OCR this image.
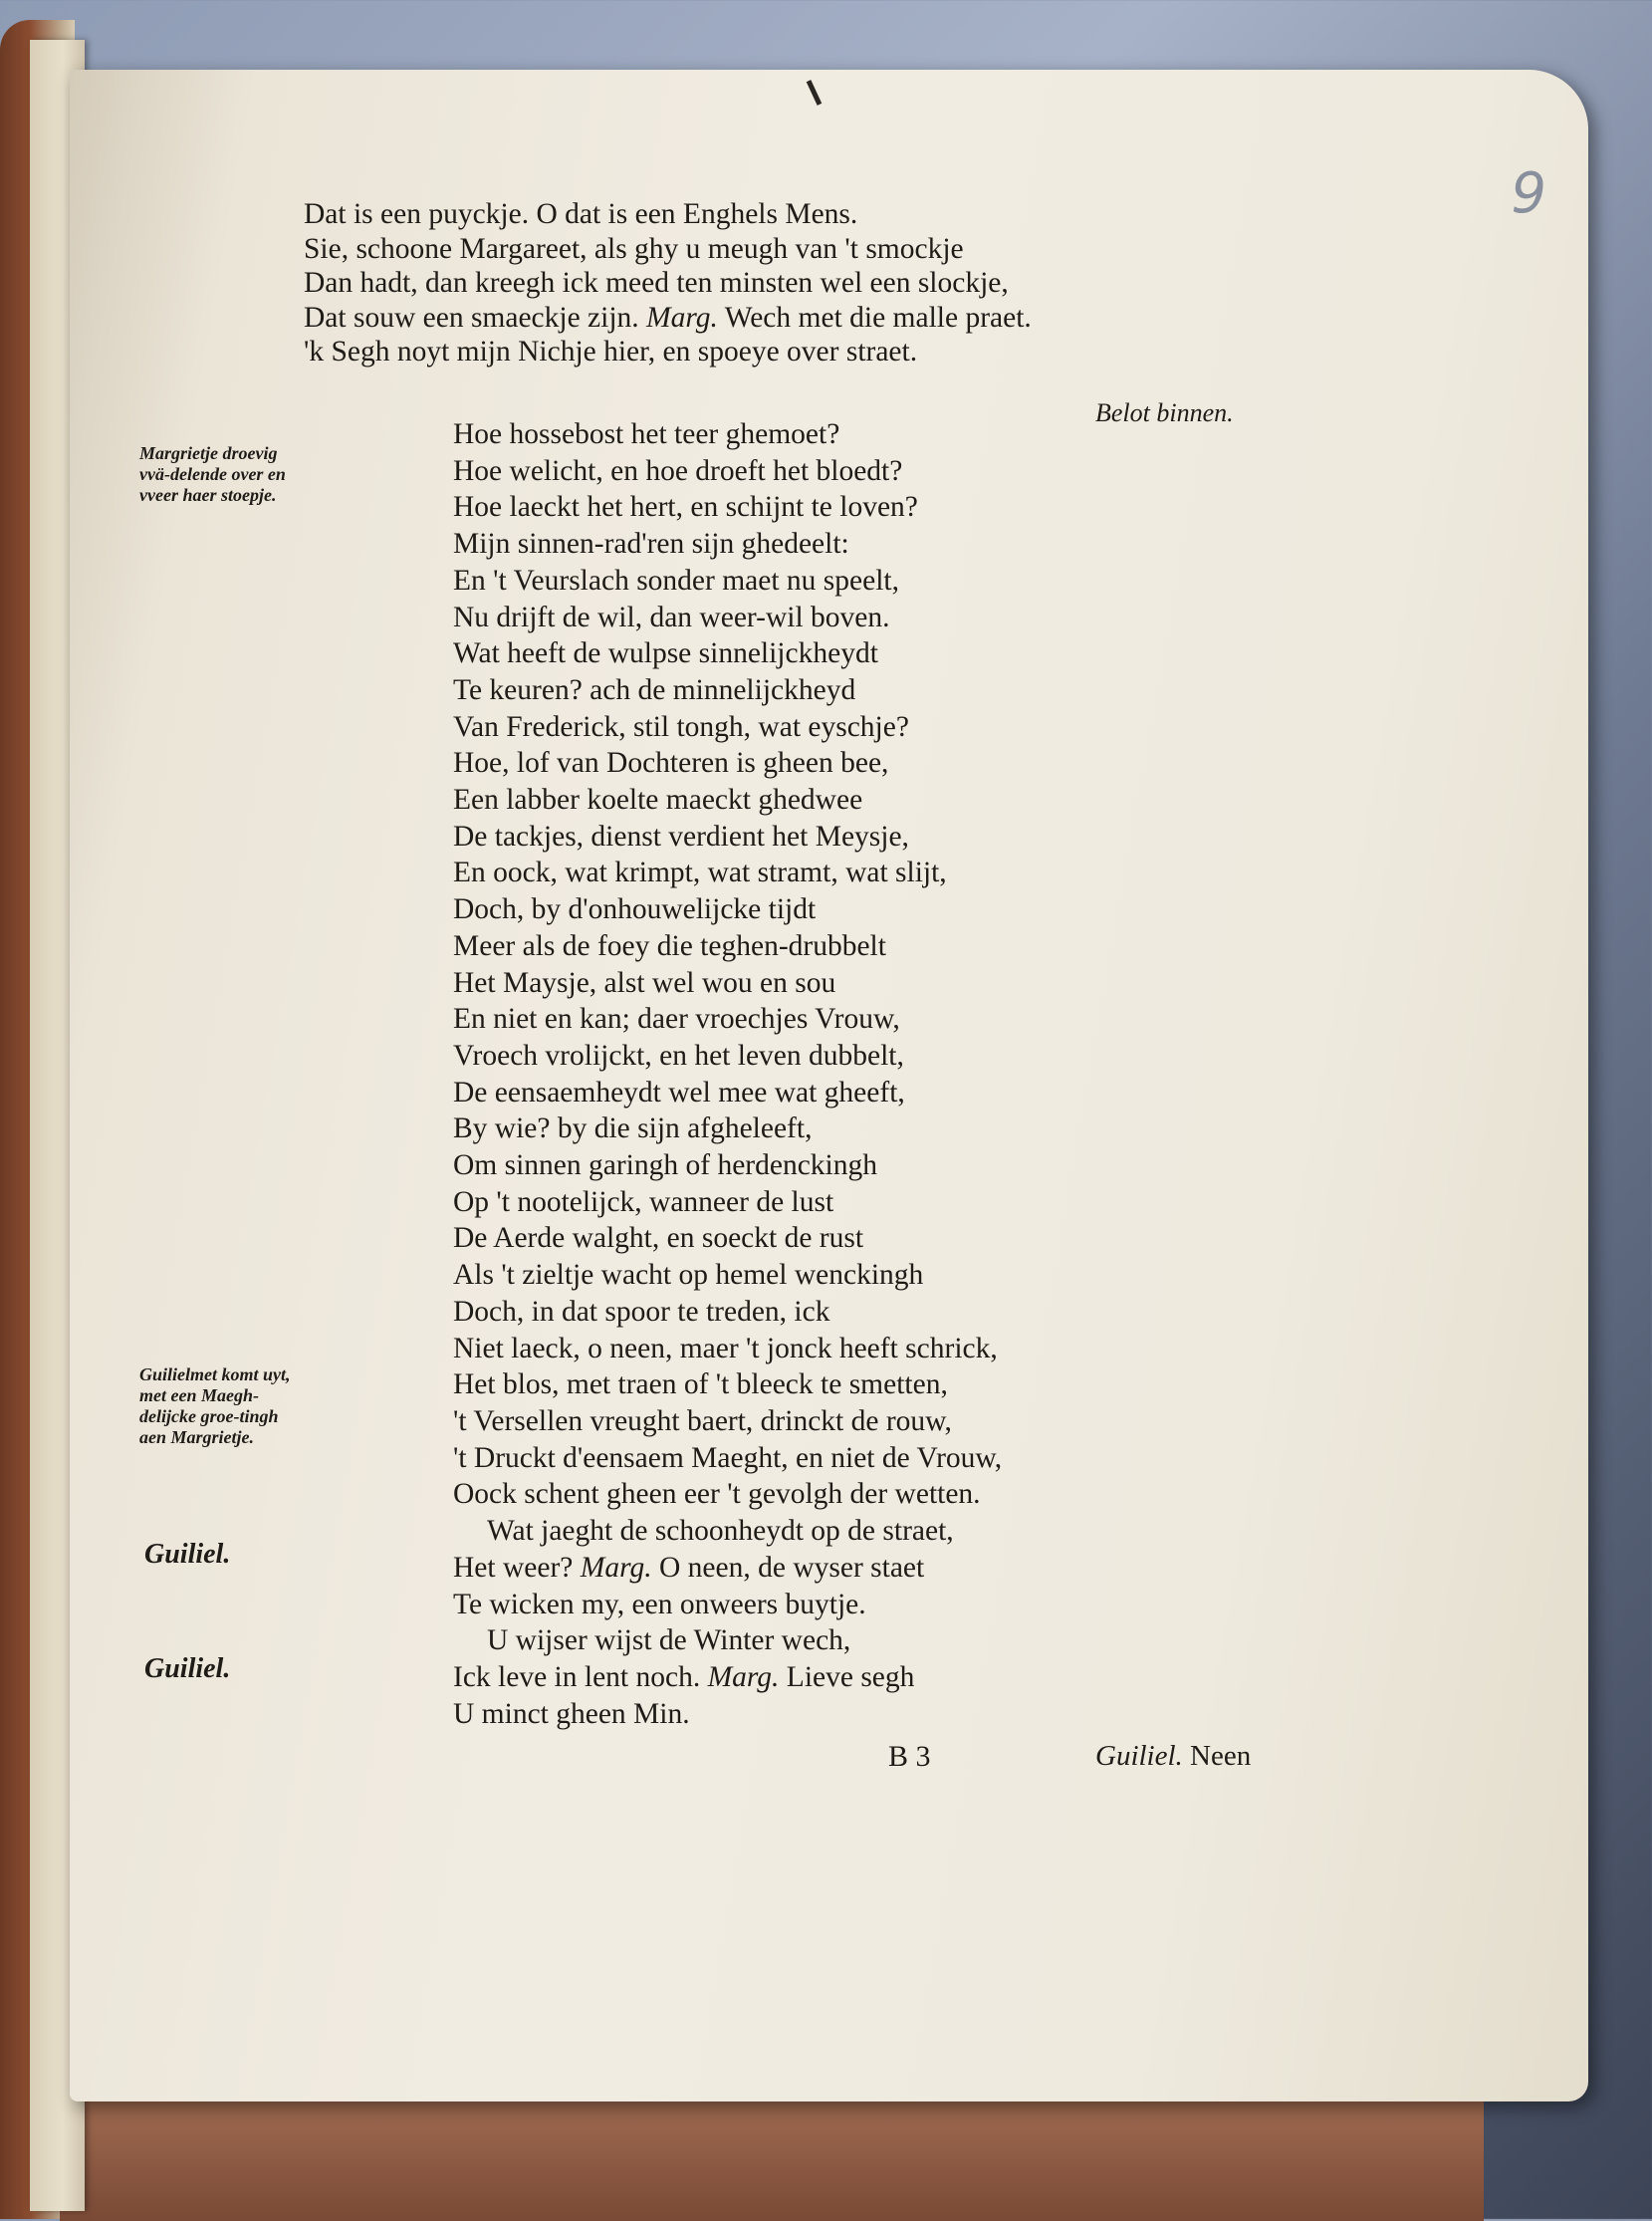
9
Dat is een puyckje. O dat is een Enghels Mens.
Sie, schoone Margareet, als ghy u meugh van 't smockje
Dan hadt, dan kreegh ick meed ten minsten wel een slockje,
Dat souw een smaeckje zijn. Marg. Wech met die malle praet.
'k Segh noyt mijn Nichje hier, en spoeye over straet.
Belot binnen.
Margrietje droevig vvä-delende over en vveer haer stoepje.
Hoe hossebost het teer ghemoet?
Hoe welicht, en hoe droeft het bloedt?
Hoe laeckt het hert, en schijnt te loven?
Mijn sinnen-rad'ren sijn ghedeelt:
En 't Veurslach sonder maet nu speelt,
Nu drijft de wil, dan weer-wil boven.
Wat heeft de wulpse sinnelijckheydt
Te keuren? ach de minnelijckheyd
Van Frederick, stil tongh, wat eyschje?
Hoe, lof van Dochteren is gheen bee,
Een labber koelte maeckt ghedwee
De tackjes, dienst verdient het Meysje,
En oock, wat krimpt, wat stramt, wat slijt,
Doch, by d'onhouwelijcke tijdt
Meer als de foey die teghen-drubbelt
Het Maysje, alst wel wou en sou
En niet en kan; daer vroechjes Vrouw,
Vroech vrolijckt, en het leven dubbelt,
De eensaemheydt wel mee wat gheeft,
By wie? by die sijn afgheleeft,
Om sinnen garingh of herdenckingh
Op 't nootelijck, wanneer de lust
De Aerde walght, en soeckt de rust
Als 't zieltje wacht op hemel wenckingh
Doch, in dat spoor te treden, ick
Niet laeck, o neen, maer 't jonck heeft schrick,
Het blos, met traen of 't bleeck te smetten,
't Versellen vreught baert, drinckt de rouw,
't Druckt d'eensaem Maeght, en niet de Vrouw,
Oock schent gheen eer 't gevolgh der wetten.
Wat jaeght de schoonheydt op de straet,
Het weer? Marg. O neen, de wyser staet
Te wicken my, een onweers buytje.
U wijser wijst de Winter wech,
Ick leve in lent noch. Marg. Lieve segh
U minct gheen Min.
Guilielmet komt uyt, met een Maegh-delijcke groe-tingh aen Margrietje.
Guiliel.
Guiliel.
B 3	Guiliel. Neen
